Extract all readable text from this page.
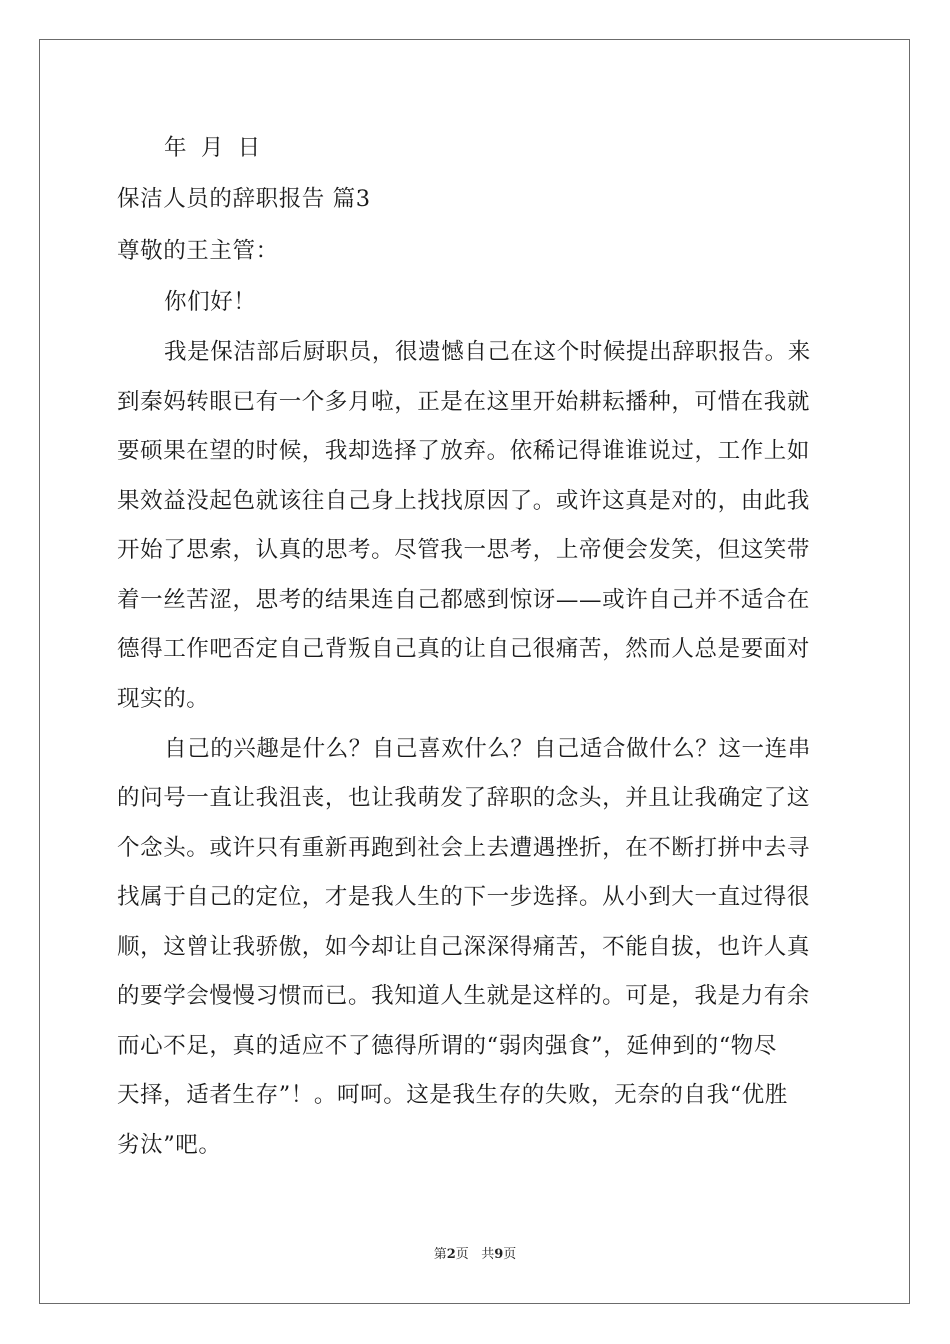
年 月 日
保洁人员的辞职报告 篇3
尊敬的王主管：
你们好！
我是保洁部后厨职员，很遗憾自己在这个时候提出辞职报告。来
到秦妈转眼已有一个多月啦，正是在这里开始耕耘播种，可惜在我就
要硕果在望的时候，我却选择了放弃。依稀记得谁谁说过，工作上如
果效益没起色就该往自己身上找找原因了。或许这真是对的，由此我
开始了思索，认真的思考。尽管我一思考，上帝便会发笑，但这笑带
着一丝苦涩，思考的结果连自己都感到惊讶——或许自己并不适合在
德得工作吧否定自己背叛自己真的让自己很痛苦，然而人总是要面对
现实的。
自己的兴趣是什么？自己喜欢什么？自己适合做什么？这一连串
的问号一直让我沮丧，也让我萌发了辞职的念头，并且让我确定了这
个念头。或许只有重新再跑到社会上去遭遇挫折，在不断打拼中去寻
找属于自己的定位，才是我人生的下一步选择。从小到大一直过得很
顺，这曾让我骄傲，如今却让自己深深得痛苦，不能自拔，也许人真
的要学会慢慢习惯而已。我知道人生就是这样的。可是，我是力有余
而心不足，真的适应不了德得所谓的“弱肉强食”，延伸到的“物尽
天择，适者生存”！。呵呵。这是我生存的失败，无奈的自我“优胜
劣汰”吧。
第2页   共9页
